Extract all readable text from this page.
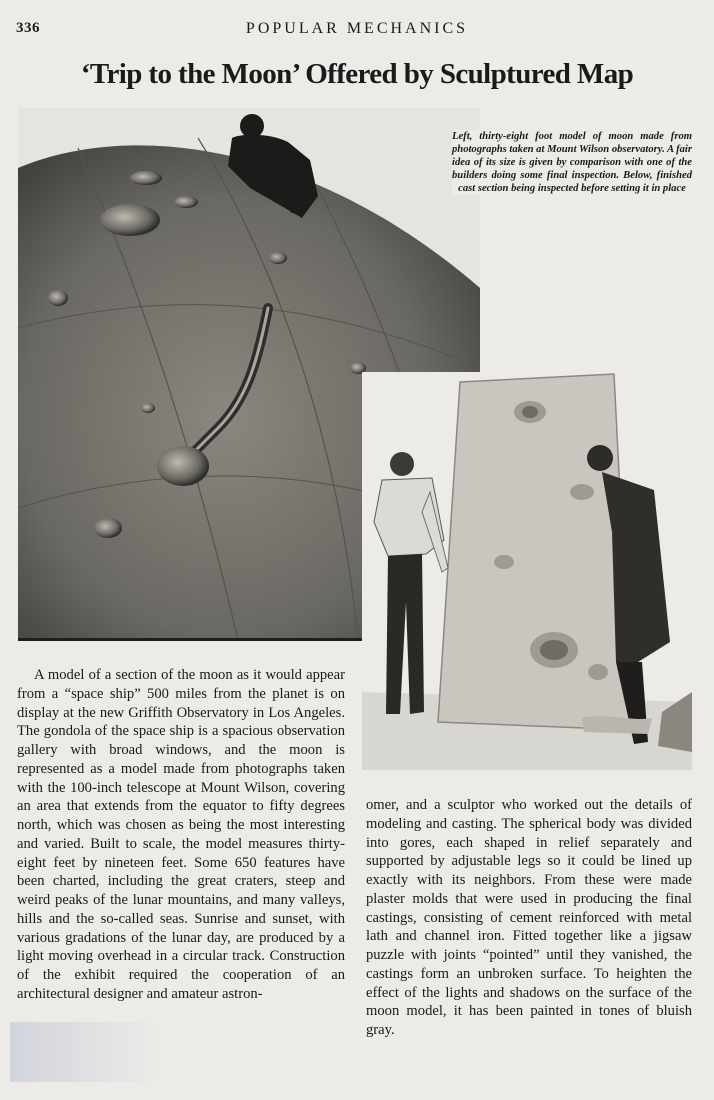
336	POPULAR MECHANICS
‘Trip to the Moon’ Offered by Sculptured Map
Left, thirty-eight foot model of moon made from photographs taken at Mount Wilson observatory. A fair idea of its size is given by comparison with one of the builders doing some final inspection. Below, finished cast section being inspected before setting it in place

A model of a section of the moon as it would appear from a “space ship” 500 miles from the planet is on display at the new Griffith Observatory in Los Angeles. The gondola of the space ship is a spacious observation gallery with broad windows, and the moon is represented as a model made from photographs taken with the 100-inch telescope at Mount Wilson, covering an area that extends from the equator to fifty degrees north, which was chosen as being the most interesting and varied. Built to scale, the model measures thirty-eight feet by nineteen feet. Some 650 features have been charted, including the great craters, steep and weird peaks of the lunar mountains, and many valleys, hills and the so-called seas. Sunrise and sunset, with various gradations of the lunar day, are produced by a light moving overhead in a circular track. Construction of the exhibit required the cooperation of an architectural designer and amateur astron-

omer, and a sculptor who worked out the details of modeling and casting. The spherical body was divided into gores, each shaped in relief separately and supported by adjustable legs so it could be lined up exactly with its neighbors. From these were made plaster molds that were used in producing the final castings, consisting of cement reinforced with metal lath and channel iron. Fitted together like a jigsaw puzzle with joints “pointed” until they vanished, the castings form an unbroken surface. To heighten the effect of the lights and shadows on the surface of the moon model, it has been painted in tones of bluish gray.
